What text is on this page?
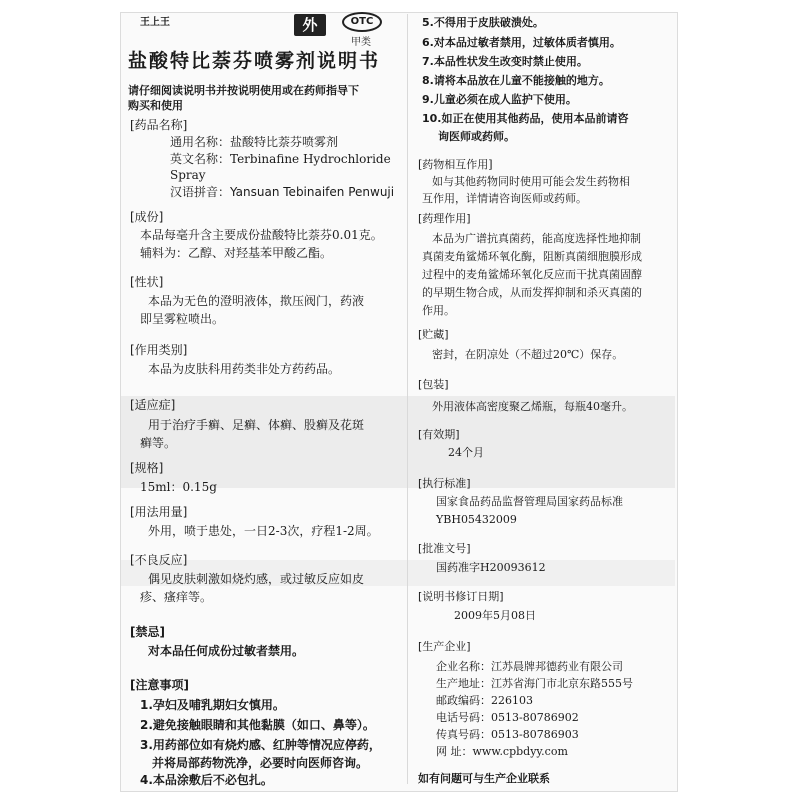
王上王	外	OTC
甲类
盐酸特比萘芬喷雾剂说明书
请仔细阅读说明书并按说明使用或在药师指导下
购买和使用
[药品名称]
通用名称：盐酸特比萘芬喷雾剂
英文名称：Terbinafine Hydrochloride
Spray
汉语拼音：Yansuan Tebinaifen Penwuji
[成份]
本品每毫升含主要成份盐酸特比萘芬0.01克。
辅料为：乙醇、对羟基苯甲酸乙酯。
[性状]
本品为无色的澄明液体，揿压阀门，药液
即呈雾粒喷出。
[作用类别]
本品为皮肤科用药类非处方药药品。
[适应症]
用于治疗手癣、足癣、体癣、股癣及花斑
癣等。
[规格]
15ml：0.15g
[用法用量]
外用，喷于患处，一日2-3次，疗程1-2周。
[不良反应]
偶见皮肤刺激如烧灼感，或过敏反应如皮
疹、瘙痒等。
[禁忌]
对本品任何成份过敏者禁用。
[注意事项]
1.孕妇及哺乳期妇女慎用。
2.避免接触眼睛和其他黏膜（如口、鼻等）。
3.用药部位如有烧灼感、红肿等情况应停药，
并将局部药物洗净，必要时向医师咨询。
4.本品涂敷后不必包扎。
5.不得用于皮肤破溃处。
6.对本品过敏者禁用，过敏体质者慎用。
7.本品性状发生改变时禁止使用。
8.请将本品放在儿童不能接触的地方。
9.儿童必须在成人监护下使用。
10.如正在使用其他药品，使用本品前请咨
询医师或药师。
[药物相互作用]
如与其他药物同时使用可能会发生药物相
互作用，详情请咨询医师或药师。
[药理作用]
本品为广谱抗真菌药，能高度选择性地抑制
真菌麦角鲨烯环氧化酶，阻断真菌细胞膜形成
过程中的麦角鲨烯环氧化反应而干扰真菌固醇
的早期生物合成，从而发挥抑制和杀灭真菌的
作用。
[贮藏]
密封，在阴凉处（不超过20℃）保存。
[包装]
外用液体高密度聚乙烯瓶，每瓶40毫升。
[有效期]
24个月
[执行标准]
国家食品药品监督管理局国家药品标准
YBH05432009
[批准文号]
国药准字H20093612
[说明书修订日期]
2009年5月08日
[生产企业]
企业名称：江苏晨牌邦德药业有限公司
生产地址：江苏省海门市北京东路555号
邮政编码：226103
电话号码：0513-80786902
传真号码：0513-80786903
网 址：www.cpbdyy.com
如有问题可与生产企业联系
